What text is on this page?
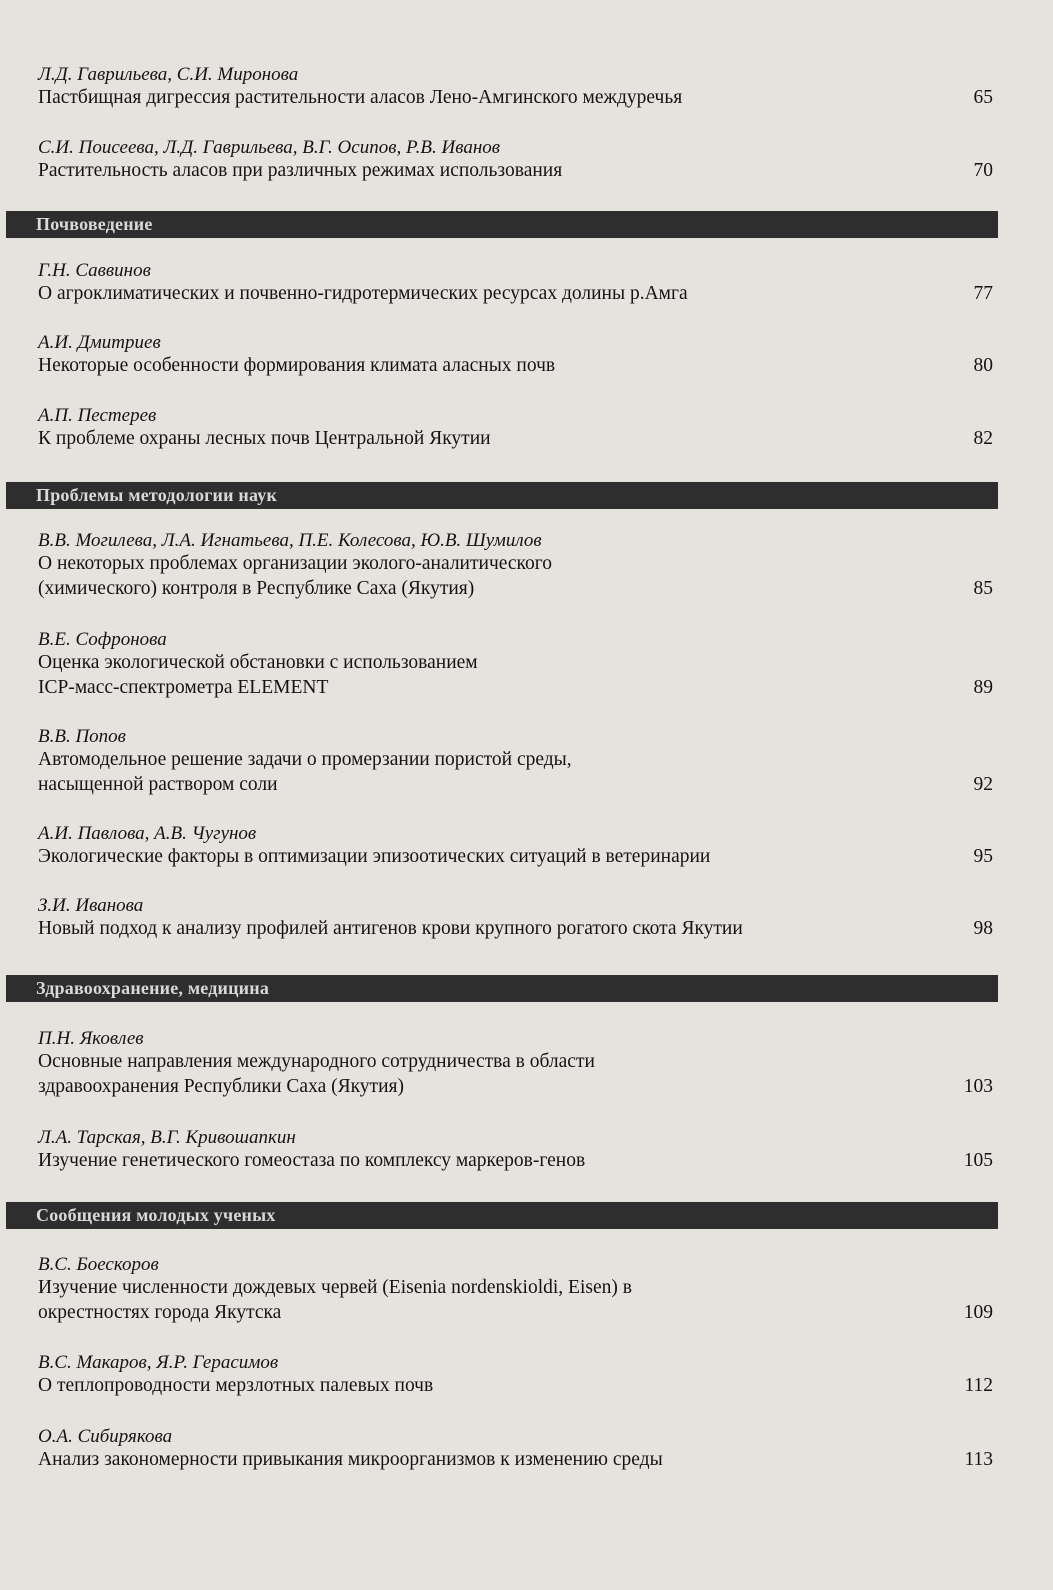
Л.Д. Гаврильева, С.И. Миронова
Пастбищная дигрессия растительности аласов Лено-Амгинского междуречья	65
С.И. Поисеева, Л.Д. Гаврильева, В.Г. Осипов, Р.В. Иванов
Растительность аласов при различных режимах использования	70
Почвоведение
Г.Н. Саввинов
О агроклиматических и почвенно-гидротермических ресурсах долины р.Амга	77
А.И. Дмитриев
Некоторые особенности формирования климата аласных почв	80
А.П. Пестерев
К проблеме охраны лесных почв Центральной Якутии	82
Проблемы методологии наук
В.В. Могилева, Л.А. Игнатьева, П.Е. Колесова, Ю.В. Шумилов
О некоторых проблемах организации эколого-аналитического
(химического) контроля в Республике Саха (Якутия)	85
В.Е. Софронова
Оценка экологической обстановки с использованием
ICP-масс-спектрометра ELEMENT	89
В.В. Попов
Автомодельное решение задачи о промерзании пористой среды,
насыщенной раствором соли	92
А.И. Павлова, А.В. Чугунов
Экологические факторы в оптимизации эпизоотических ситуаций в ветеринарии	95
З.И. Иванова
Новый подход к анализу профилей антигенов крови крупного рогатого скота Якутии	98
Здравоохранение, медицина
П.Н. Яковлев
Основные направления международного сотрудничества в области
здравоохранения Республики Саха (Якутия)	103
Л.А. Тарская, В.Г. Кривошапкин
Изучение генетического гомеостаза по комплексу маркеров-генов	105
Сообщения молодых ученых
В.С. Боескоров
Изучение численности дождевых червей (Eisenia nordenskioldi, Eisen) в
окрестностях города Якутска	109
В.С. Макаров, Я.Р. Герасимов
О теплопроводности мерзлотных палевых почв	112
О.А. Сибирякова
Анализ закономерности привыкания микроорганизмов к изменению среды	113
